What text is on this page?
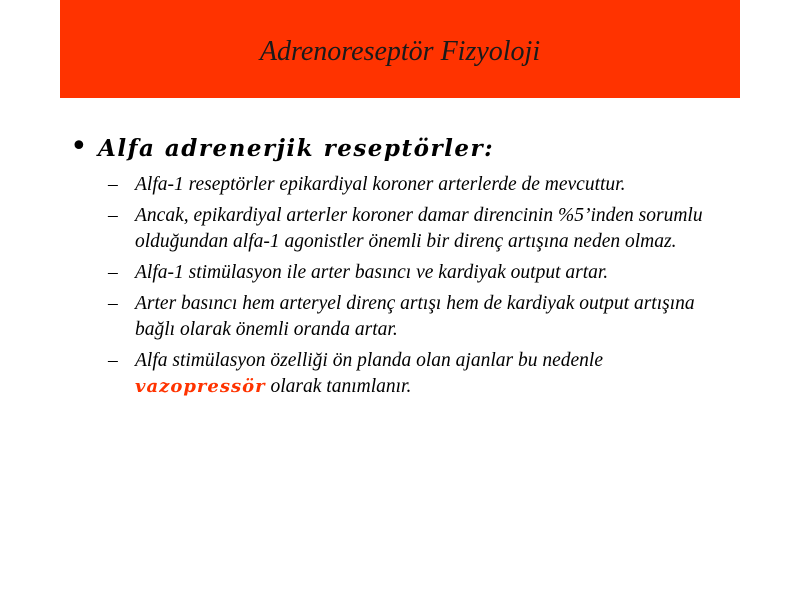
Adrenoreseptör Fizyoloji
• Alfa adrenerjik reseptörler:
– Alfa-1 reseptörler epikardiyal koroner arterlerde de mevcuttur.
– Ancak, epikardiyal arterler koroner damar direncinin %5’inden sorumlu olduğundan alfa-1 agonistler önemli bir direnç artışına neden olmaz.
– Alfa-1 stimülasyon ile arter basıncı ve kardiyak output artar.
– Arter basıncı hem arteryel direnç artışı hem de kardiyak output artışına bağlı olarak önemli oranda artar.
– Alfa stimülasyon özelliği ön planda olan ajanlar bu nedenle
vazopressör olarak tanımlanır.
